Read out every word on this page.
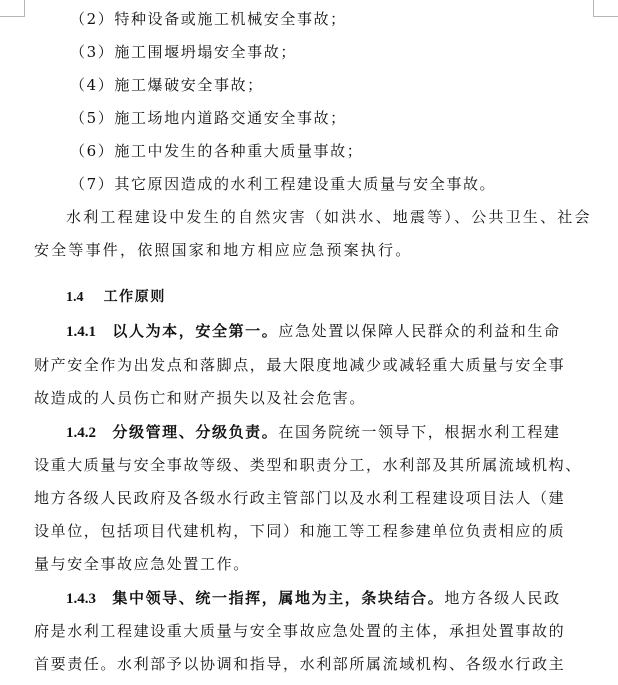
（2）特种设备或施工机械安全事故；
（3）施工围堰坍塌安全事故；
（4）施工爆破安全事故；
（5）施工场地内道路交通安全事故；
（6）施工中发生的各种重大质量事故；
（7）其它原因造成的水利工程建设重大质量与安全事故。
水利工程建设中发生的自然灾害（如洪水、地震等）、公共卫生、社会
安全等事件，依照国家和地方相应应急预案执行。
1.4 工作原则
1.4.1 以人为本，安全第一。应急处置以保障人民群众的利益和生命
财产安全作为出发点和落脚点，最大限度地减少或减轻重大质量与安全事
故造成的人员伤亡和财产损失以及社会危害。
1.4.2 分级管理、分级负责。在国务院统一领导下，根据水利工程建
设重大质量与安全事故等级、类型和职责分工，水利部及其所属流域机构、
地方各级人民政府及各级水行政主管部门以及水利工程建设项目法人（建
设单位，包括项目代建机构，下同）和施工等工程参建单位负责相应的质
量与安全事故应急处置工作。
1.4.3 集中领导、统一指挥，属地为主，条块结合。地方各级人民政
府是水利工程建设重大质量与安全事故应急处置的主体，承担处置事故的
首要责任。水利部予以协调和指导，水利部所属流域机构、各级水行政主
